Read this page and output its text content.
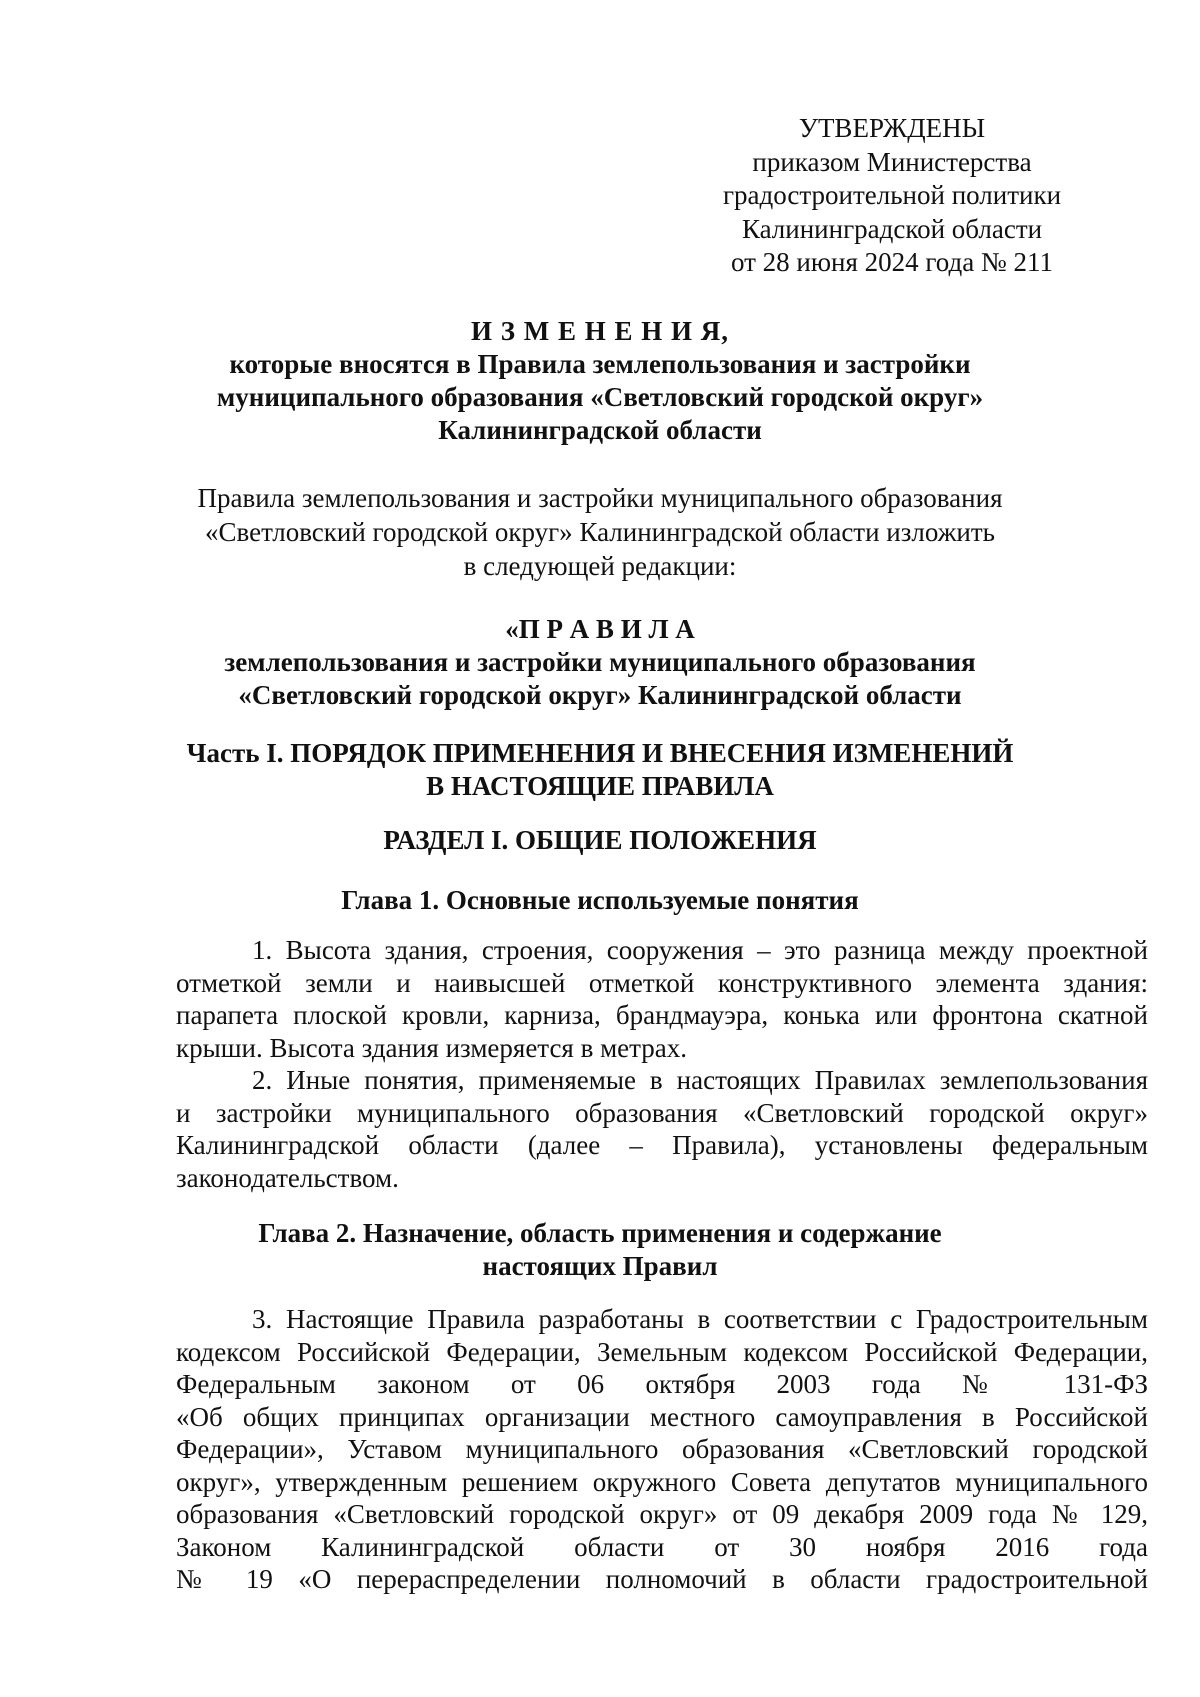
УТВЕРЖДЕНЫ
приказом Министерства
градостроительной политики
Калининградской области
от 28 июня 2024 года № 211
И З М Е Н Е Н И Я,
которые вносятся в Правила землепользования и застройки
муниципального образования «Светловский городской округ»
Калининградской области
Правила землепользования и застройки муниципального образования
«Светловский городской округ» Калининградской области изложить
в следующей редакции:
«П Р А В И Л А
землепользования и застройки муниципального образования
«Светловский городской округ» Калининградской области
Часть I. ПОРЯДОК ПРИМЕНЕНИЯ И ВНЕСЕНИЯ ИЗМЕНЕНИЙ
В НАСТОЯЩИЕ ПРАВИЛА
РАЗДЕЛ I. ОБЩИЕ ПОЛОЖЕНИЯ
Глава 1. Основные используемые понятия
1. Высота здания, строения, сооружения – это разница между проектной
отметкой земли и наивысшей отметкой конструктивного элемента здания:
парапета плоской кровли, карниза, брандмауэра, конька или фронтона скатной
крыши. Высота здания измеряется в метрах.
2. Иные понятия, применяемые в настоящих Правилах землепользования
и застройки муниципального образования «Светловский городской округ»
Калининградской области (далее – Правила), установлены федеральным
законодательством.
Глава 2. Назначение, область применения и содержание
настоящих Правил
3. Настоящие Правила разработаны в соответствии с Градостроительным
кодексом Российской Федерации, Земельным кодексом Российской Федерации,
Федеральным законом от 06 октября 2003 года № 131-ФЗ
«Об общих принципах организации местного самоуправления в Российской
Федерации», Уставом муниципального образования «Светловский городской
округ», утвержденным решением окружного Совета депутатов муниципального
образования «Светловский городской округ» от 09 декабря 2009 года № 129,
Законом Калининградской области от 30 ноября 2016 года
№ 19 «О перераспределении полномочий в области градостроительной
